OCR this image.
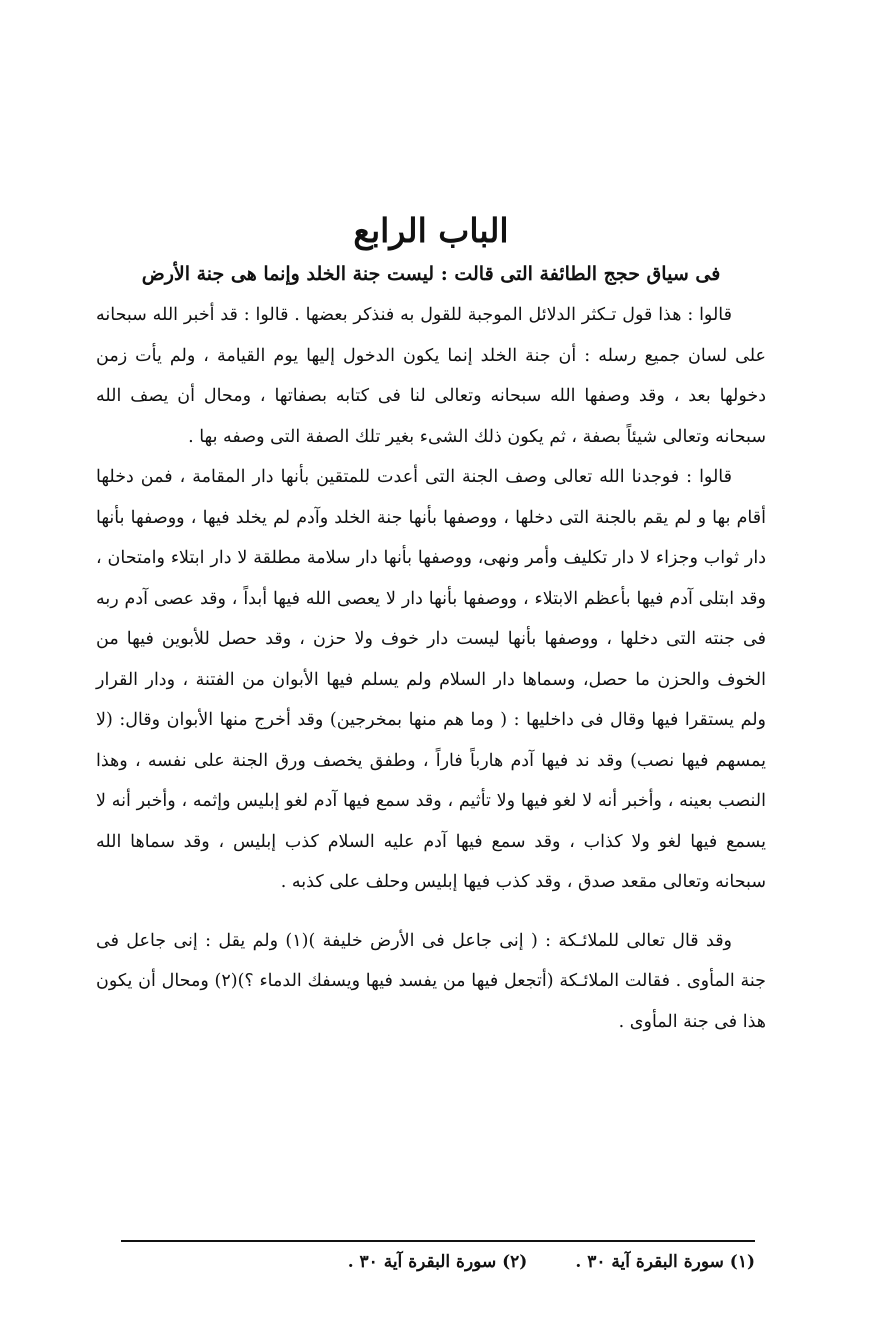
الباب الرابع
فى سياق حجج الطائفة التى قالت : ليست جنة الخلد وإنما هى جنة الأرض

قالوا : هذا قول تـكثر الدلائل الموجبة للقول به فنذكر بعضها . قالوا : قد أخبر الله سبحانه على لسان جميع رسله : أن جنة الخلد إنما يكون الدخول إليها يوم القيامة ، ولم يأت زمن دخولها بعد ، وقد وصفها الله سبحانه وتعالى لنا فى كتابه بصفاتها ، ومحال أن يصف الله سبحانه وتعالى شيئاً بصفة ، ثم يكون ذلك الشىء بغير تلك الصفة التى وصفه بها .

قالوا : فوجدنا الله تعالى وصف الجنة التى أعدت للمتقين بأنها دار المقامة ، فمن دخلها أقام بها و لم يقم بالجنة التى دخلها ، ووصفها بأنها جنة الخلد وآدم لم يخلد فيها ، ووصفها بأنها دار ثواب وجزاء لا دار تكليف وأمر ونهى، ووصفها بأنها دار سلامة مطلقة لا دار ابتلاء وامتحان ، وقد ابتلى آدم فيها بأعظم الابتلاء ، ووصفها بأنها دار لا يعصى الله فيها أبداً ، وقد عصى آدم ربه فى جنته التى دخلها ، ووصفها بأنها ليست دار خوف ولا حزن ، وقد حصل للأبوين فيها من الخوف والحزن ما حصل، وسماها دار السلام ولم يسلم فيها الأبوان من الفتنة ، ودار القرار ولم يستقرا فيها وقال فى داخليها : ( وما هم منها بمخرجين) وقد أخرج منها الأبوان وقال: (لا يمسهم فيها نصب) وقد ند فيها آدم هارباً فاراً ، وطفق يخصف ورق الجنة على نفسه ، وهذا النصب بعينه ، وأخبر أنه لا لغو فيها ولا تأثيم ، وقد سمع فيها آدم لغو إبليس وإثمه ، وأخبر أنه لا يسمع فيها لغو ولا كذاب ، وقد سمع فيها آدم عليه السلام كذب إبليس ، وقد سماها الله سبحانه وتعالى مقعد صدق ، وقد كذب فيها إبليس وحلف على كذبه .

وقد قال تعالى للملائـكة : ( إنى جاعل فى الأرض خليفة )(١) ولم يقل : إنى جاعل فى جنة المأوى . فقالت الملائـكة (أتجعل فيها من يفسد فيها ويسفك الدماء ؟)(٢) ومحال أن يكون هذا فى جنة المأوى .

(١) سورة البقرة آية ٣٠ .
(٢) سورة البقرة آية ٣٠ .
